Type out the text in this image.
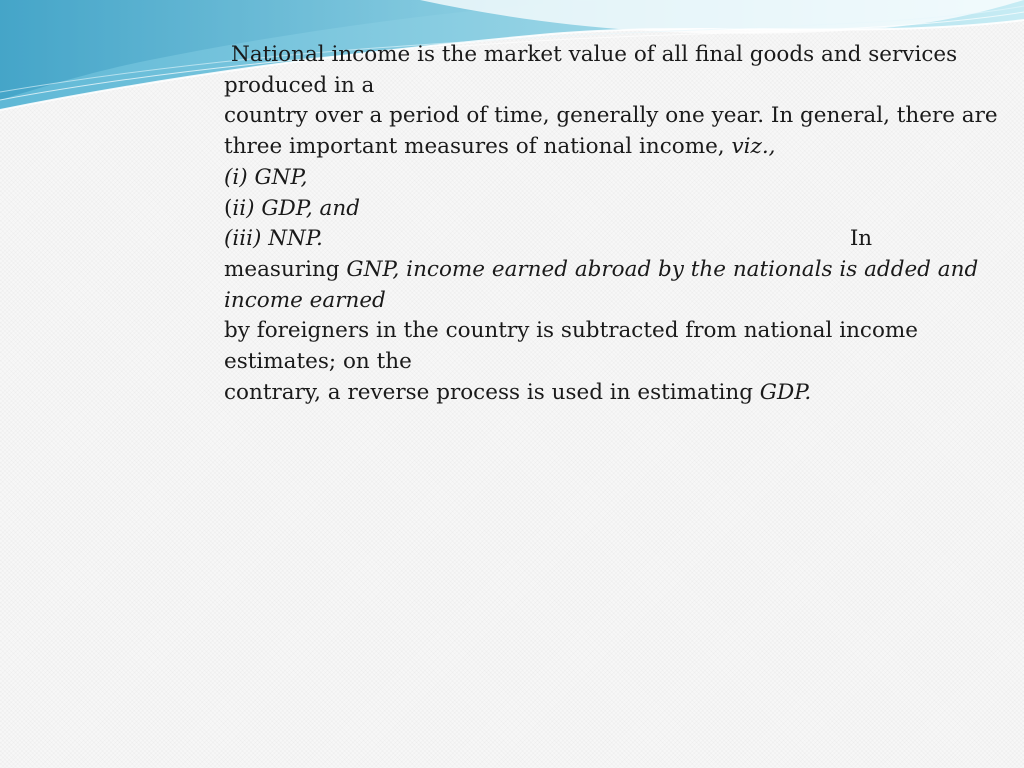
National income is the market value of all final goods and services
produced in a
country over a period of time, generally one year. In general, there are
three important measures of national income, viz.,
(i) GNP,
(ii) GDP, and
(iii) NNP.	In
measuring GNP, income earned abroad by the nationals is added and
income earned
by foreigners in the country is subtracted from national income
estimates; on the
contrary, a reverse process is used in estimating GDP.
